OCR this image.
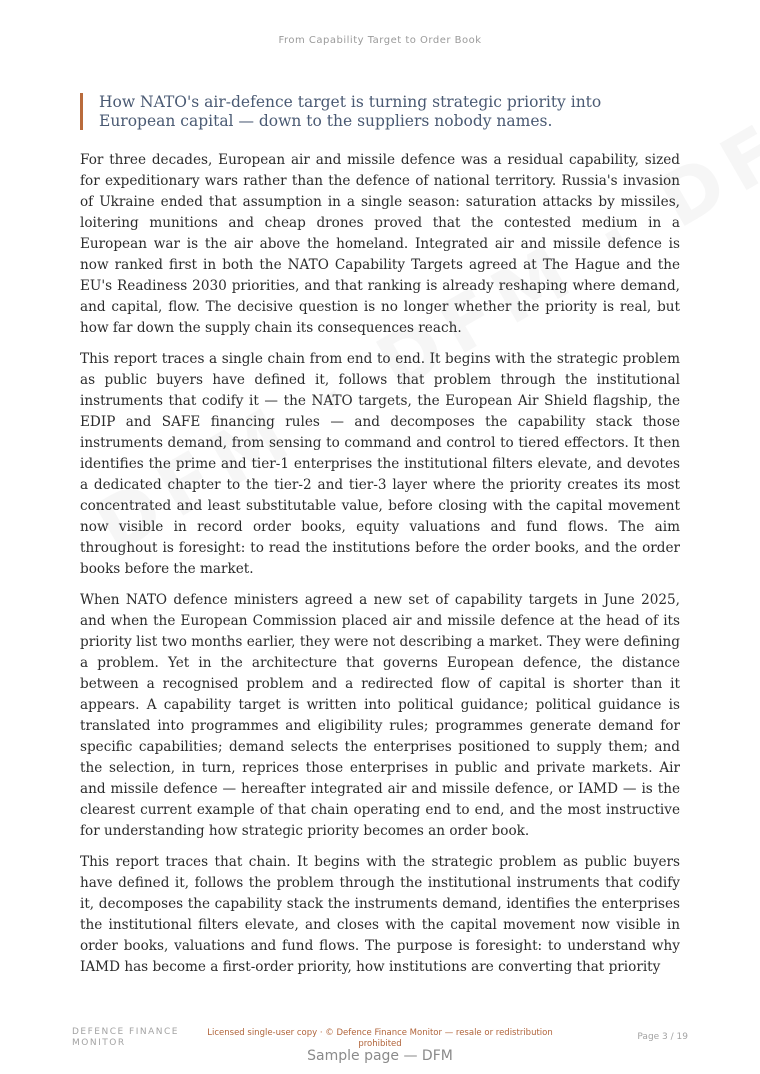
From Capability Target to Order Book
How NATO's air-defence target is turning strategic priority into European capital — down to the suppliers nobody names.

For three decades, European air and missile defence was a residual capability, sized for expeditionary wars rather than the defence of national territory. Russia's invasion of Ukraine ended that assumption in a single season: saturation attacks by missiles, loitering munitions and cheap drones proved that the contested medium in a European war is the air above the homeland. Integrated air and missile defence is now ranked first in both the NATO Capability Targets agreed at The Hague and the EU's Readiness 2030 priorities, and that ranking is already reshaping where demand, and capital, flow. The decisive question is no longer whether the priority is real, but how far down the supply chain its consequences reach.

This report traces a single chain from end to end. It begins with the strategic problem as public buyers have defined it, follows that problem through the institutional instruments that codify it — the NATO targets, the European Air Shield flagship, the EDIP and SAFE financing rules — and decomposes the capability stack those instruments demand, from sensing to command and control to tiered effectors. It then identifies the prime and tier-1 enterprises the institutional filters elevate, and devotes a dedicated chapter to the tier-2 and tier-3 layer where the priority creates its most concentrated and least substitutable value, before closing with the capital movement now visible in record order books, equity valuations and fund flows. The aim throughout is foresight: to read the institutions before the order books, and the order books before the market.

When NATO defence ministers agreed a new set of capability targets in June 2025, and when the European Commission placed air and missile defence at the head of its priority list two months earlier, they were not describing a market. They were defining a problem. Yet in the architecture that governs European defence, the distance between a recognised problem and a redirected flow of capital is shorter than it appears. A capability target is written into political guidance; political guidance is translated into programmes and eligibility rules; programmes generate demand for specific capabilities; demand selects the enterprises positioned to supply them; and the selection, in turn, reprices those enterprises in public and private markets. Air and missile defence — hereafter integrated air and missile defence, or IAMD — is the clearest current example of that chain operating end to end, and the most instructive for understanding how strategic priority becomes an order book.

This report traces that chain. It begins with the strategic problem as public buyers have defined it, follows the problem through the institutional instruments that codify it, decomposes the capability stack the instruments demand, identifies the enterprises the institutional filters elevate, and closes with the capital movement now visible in order books, valuations and fund flows. The purpose is foresight: to understand why IAMD has become a first-order priority, how institutions are converting that priority

DEFENCE FINANCE
MONITOR
Licensed single-user copy · © Defence Finance Monitor — resale or redistribution prohibited
Page 3 / 19
Sample page — DFM
